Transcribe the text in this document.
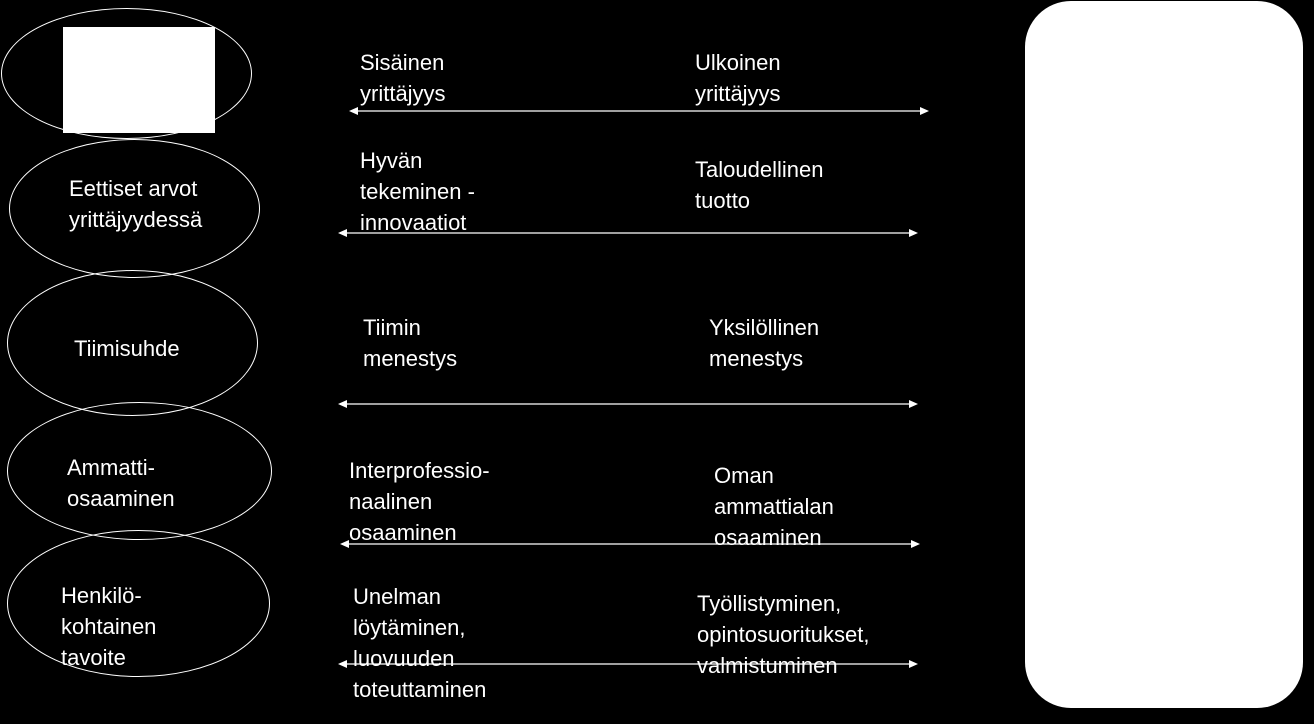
Eettiset arvot
yrittäjyydessä
Tiimisuhde
Ammatti-
osaaminen
Henkilö-
kohtainen
tavoite
Sisäinen
yrittäjyys
Hyvän
tekeminen -
innovaatiot
Tiimin
menestys
Interprofessio-
naalinen
osaaminen
Unelman
löytäminen,
luovuuden
toteuttaminen
Ulkoinen
yrittäjyys
Taloudellinen
tuotto
Yksilöllinen
menestys
Oman
ammattialan
osaaminen
Työllistyminen,
opintosuoritukset,
valmistuminen
